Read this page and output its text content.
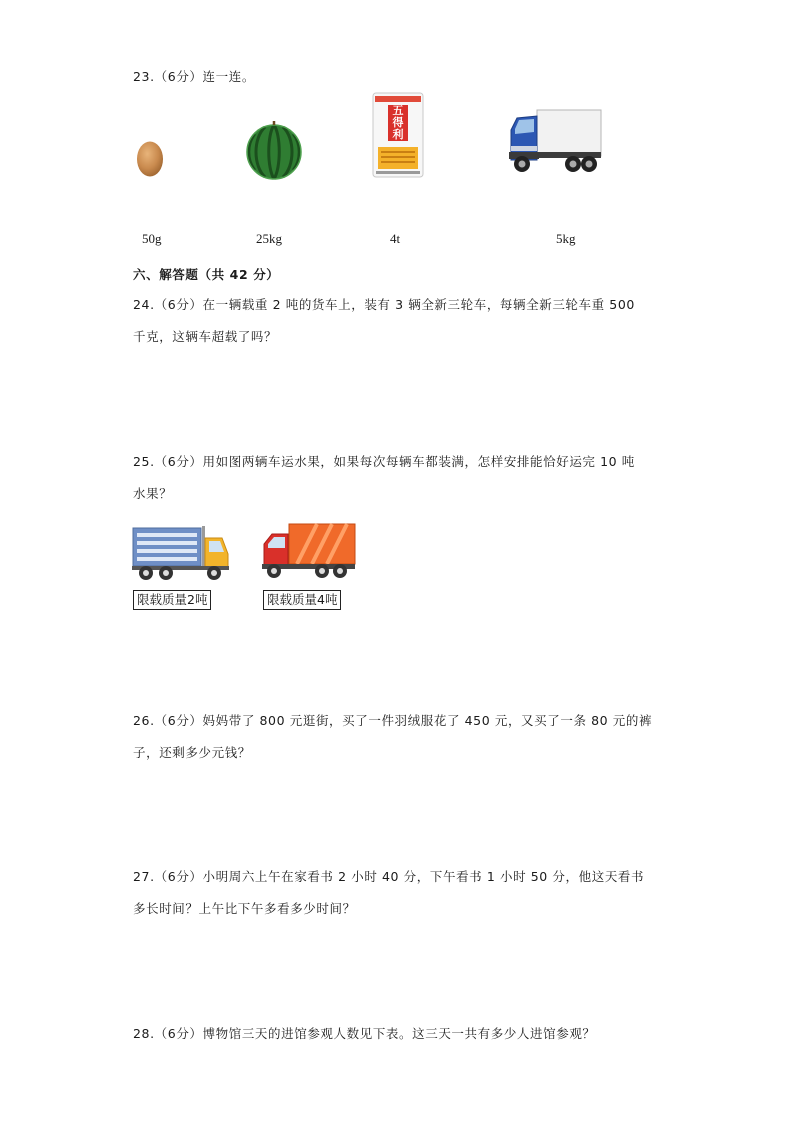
23.（6分）连一连。
五得利
50g	25kg	4t	5kg
六、解答题（共 42 分）
24.（6分）在一辆载重 2 吨的货车上，装有 3 辆全新三轮车，每辆全新三轮车重 500
千克，这辆车超载了吗？
25.（6分）用如图两辆车运水果，如果每次每辆车都装满，怎样安排能恰好运完 10 吨
水果？
限载质量2吨	限载质量4吨
26.（6分）妈妈带了 800 元逛街，买了一件羽绒服花了 450 元，又买了一条 80 元的裤
子，还剩多少元钱？
27.（6分）小明周六上午在家看书 2 小时 40 分，下午看书 1 小时 50 分，他这天看书
多长时间？上午比下午多看多少时间？
28.（6分）博物馆三天的进馆参观人数见下表。这三天一共有多少人进馆参观？
